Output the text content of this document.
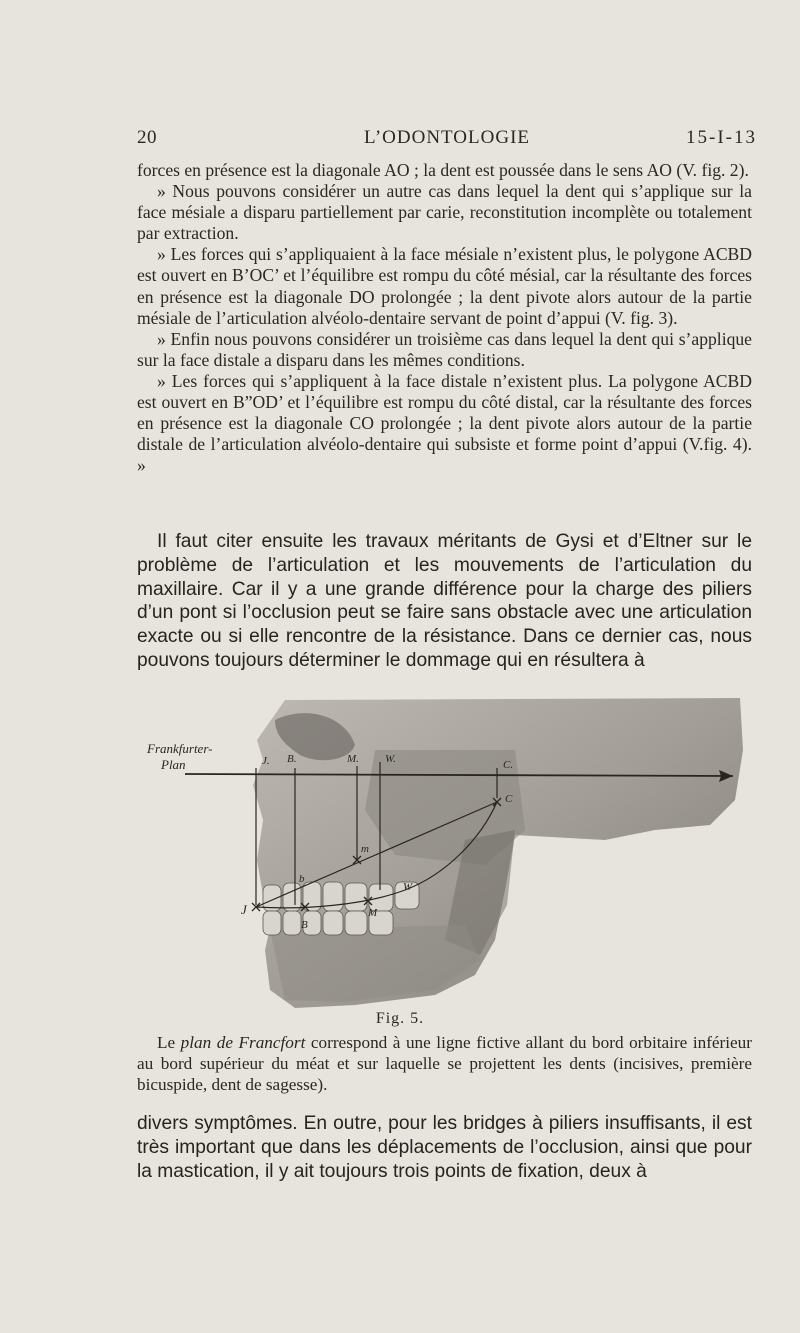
20	L’ODONTOLOGIE	15-I-13

forces en présence est la diagonale AO ; la dent est poussée dans le sens AO (V. fig. 2).

» Nous pouvons considérer un autre cas dans lequel la dent qui s’applique sur la face mésiale a disparu partiellement par carie, reconstitution incomplète ou totalement par extraction.

» Les forces qui s’appliquaient à la face mésiale n’existent plus, le polygone ACBD est ouvert en B’OC’ et l’équilibre est rompu du côté mésial, car la résultante des forces en présence est la diagonale DO prolongée ; la dent pivote alors autour de la partie mésiale de l’articulation alvéolo-dentaire servant de point d’appui (V. fig. 3).

» Enfin nous pouvons considérer un troisième cas dans lequel la dent qui s’applique sur la face distale a disparu dans les mêmes conditions.

» Les forces qui s’appliquent à la face distale n’existent plus. La polygone ACBD est ouvert en B”OD’ et l’équilibre est rompu du côté distal, car la résultante des forces en présence est la diagonale CO prolongée ; la dent pivote alors autour de la partie distale de l’articulation alvéolo-dentaire qui subsiste et forme point d’appui (V.fig. 4). »

Il faut citer ensuite les travaux méritants de Gysi et d’Eltner sur le problème de l’articulation et les mouvements de l’articulation du maxillaire. Car il y a une grande différence pour la charge des piliers d’un pont si l’occlusion peut se faire sans obstacle avec une articulation exacte ou si elle rencontre de la résistance. Dans ce dernier cas, nous pouvons toujours déterminer le dommage qui en résultera à

Frankfurter-
Plan	J. B.	M. W.	C.
C
m
b
J
B
M
W
Fig. 5.

Le plan de Francfort correspond à une ligne fictive allant du bord orbitaire inférieur au bord supérieur du méat et sur laquelle se projettent les dents (incisives, première bicuspide, dent de sagesse).

divers symptômes. En outre, pour les bridges à piliers insuffisants, il est très important que dans les déplacements de l’occlusion, ainsi que pour la mastication, il y ait toujours trois points de fixation, deux à
